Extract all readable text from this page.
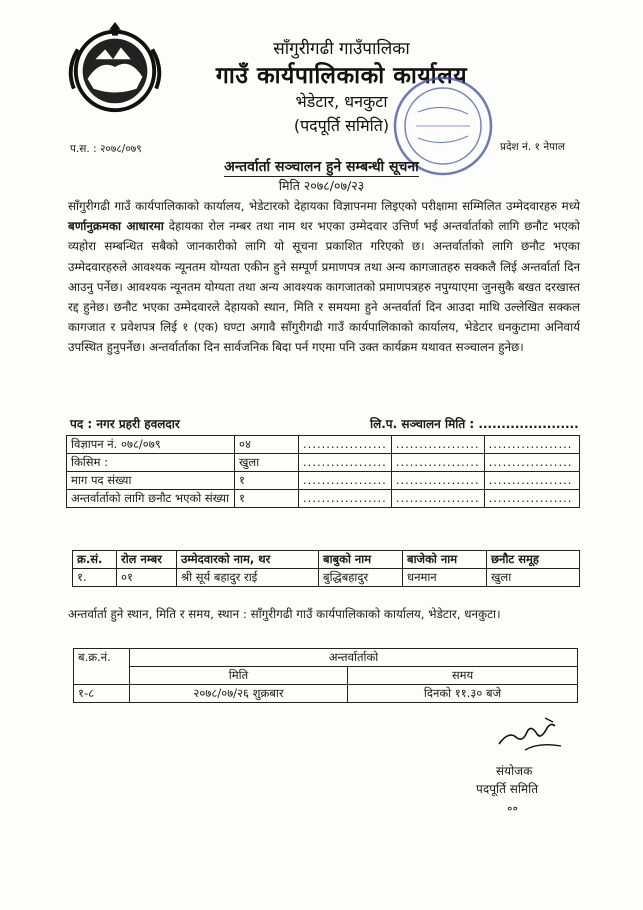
साँगुरीगढी गाउँपालिका
गाउँ कार्यपालिकाको कार्यालय
भेडेटार, धनकुटा
(पदपूर्ति समिति)
प.स. : २०७८/०७९	प्रदेश नं. १ नेपाल
अन्तर्वार्ता सञ्चालन हुने सम्बन्धी सूचना
मिति २०७८/०७/२३
साँगुरीगढी गाउँ कार्यपालिकाको कार्यालय, भेडेटारको देहायका विज्ञापनमा लिइएको परीक्षामा सम्मिलित उम्मेदवारहरु मध्ये बर्णानुक्रमका आधारमा देहायका रोल नम्बर तथा नाम थर भएका उम्मेदवार उत्तिर्ण भई अन्तर्वार्ताको लागि छनौट भएको व्यहोरा सम्बन्धित सबैको जानकारीको लागि यो सूचना प्रकाशित गरिएको छ। अन्तर्वार्ताको लागि छनौट भएका उम्मेदवारहरुले आवश्यक न्यूनतम योग्यता एकीन हुने सम्पूर्ण प्रमाणपत्र तथा अन्य कागजातहरु सक्कलै लिई अन्तर्वार्ता दिन आउनु पर्नेछ। आवश्यक न्यूनतम योग्यता तथा अन्य आवश्यक कागजातको प्रमाणपत्रहरु नपुग्याएमा जुनसुकै बखत दरखास्त रद्द हुनेछ। छनौट भएका उम्मेदवारले देहायको स्थान, मिति र समयमा हुने अन्तर्वार्ता दिन आउदा माथि उल्लेखित सक्कल कागजात र प्रवेशपत्र लिई १ (एक) घण्टा अगावै साँगुरीगढी गाउँ कार्यपालिकाको कार्यालय, भेडेटार धनकुटामा अनिवार्य उपस्थित हुनुपर्नेछ। अन्तर्वार्ताका दिन सार्वजनिक बिदा पर्न गएमा पनि उक्त कार्यक्रम यथावत सञ्चालन हुनेछ।
पद : नगर प्रहरी हवलदार	लि.प. सञ्चालन मिति : ......................
विज्ञापन नं. ०७८/०७९	०४	..................	..................	..................
किसिम :	खुला	..................	..................	..................
माग पद संख्या	१	..................	..................	..................
अन्तर्वार्ताको लागि छनौट भएको संख्या	१	..................	..................	..................
क्र.सं.	रोल नम्बर	उम्मेदवारको नाम, थर	बाबुको नाम	बाजेको नाम	छनौट समूह
१.	०१	श्री सूर्य बहादुर राई	बुद्धिबहादुर	धनमान	खुला
अन्तर्वार्ता हुने स्थान, मिति र समय, स्थान : साँगुरीगढी गाउँ कार्यपालिकाको कार्यालय, भेडेटार, धनकुटा।
ब.क्र.नं.	अन्तर्वार्ताको	
	मिति	समय
१-८	२०७८/०७/२६ शुक्रबार	दिनको ११.३० बजे
संयोजक
पदपूर्ति समिति
॰॰
